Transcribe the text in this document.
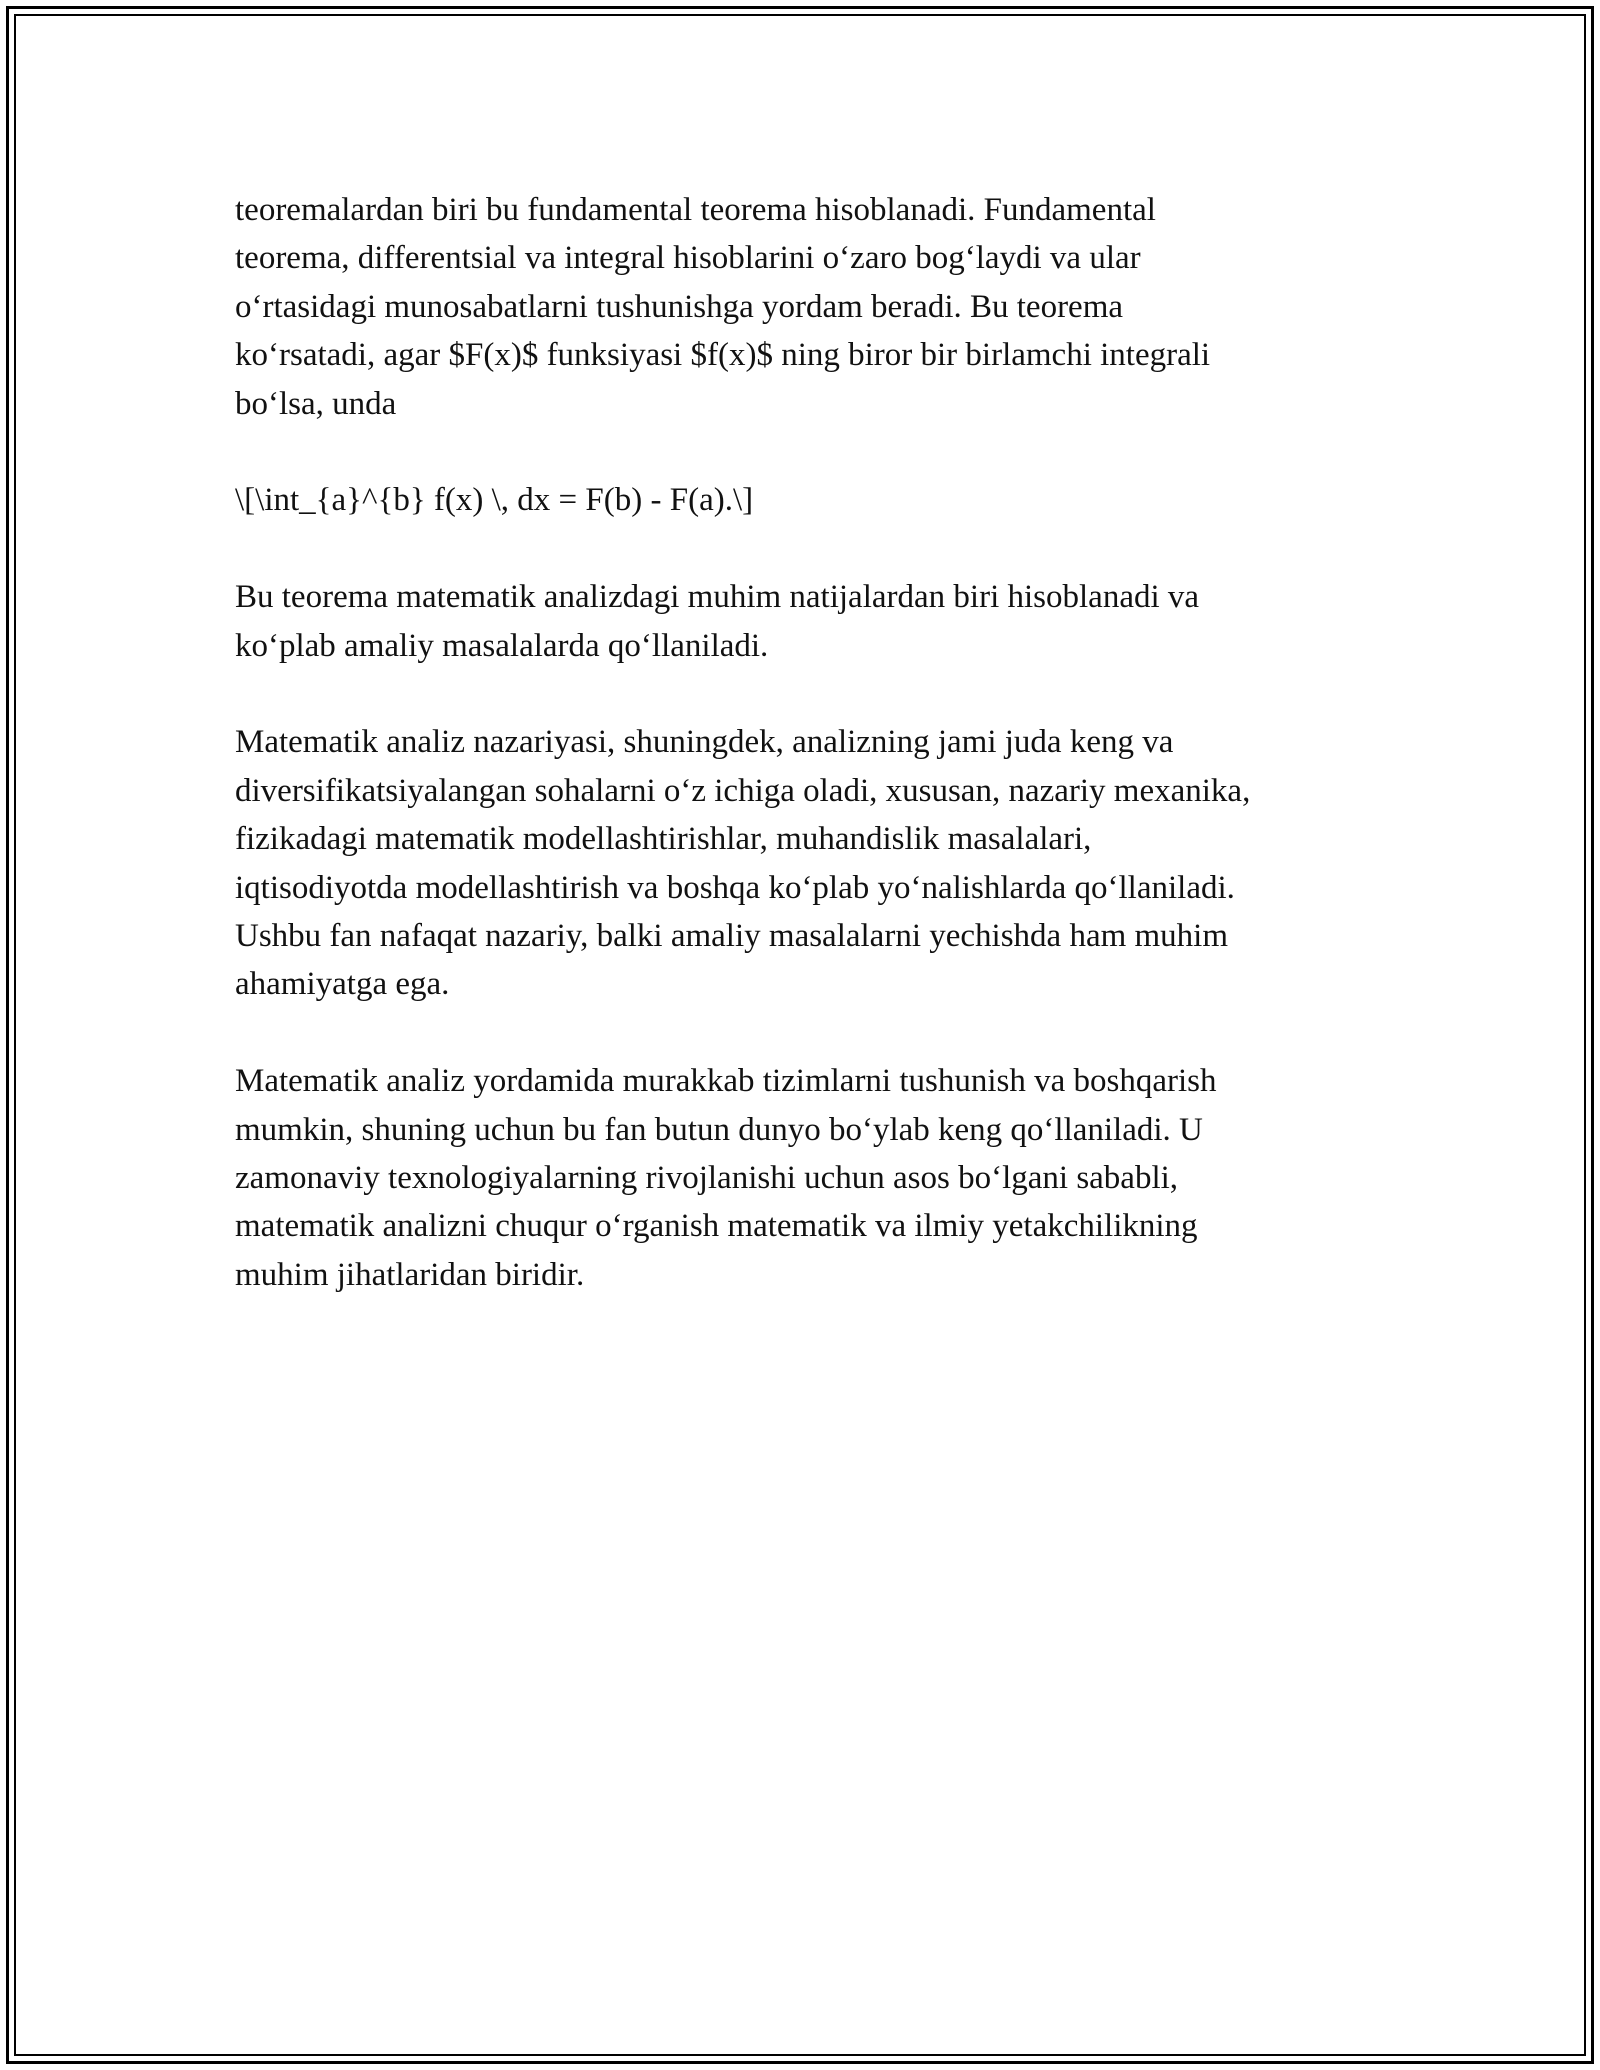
teoremalardan biri bu fundamental teorema hisoblanadi. Fundamental
teorema, differentsial va integral hisoblarini o‘zaro bog‘laydi va ular
o‘rtasidagi munosabatlarni tushunishga yordam beradi. Bu teorema
ko‘rsatadi, agar $F(x)$ funksiyasi $f(x)$ ning biror bir birlamchi integrali
bo‘lsa, unda

\[\int_{a}^{b} f(x) \, dx = F(b) - F(a).\]

Bu teorema matematik analizdagi muhim natijalardan biri hisoblanadi va
ko‘plab amaliy masalalarda qo‘llaniladi.

Matematik analiz nazariyasi, shuningdek, analizning jami juda keng va
diversifikatsiyalangan sohalarni o‘z ichiga oladi, xususan, nazariy mexanika,
fizikadagi matematik modellashtirishlar, muhandislik masalalari,
iqtisodiyotda modellashtirish va boshqa ko‘plab yo‘nalishlarda qo‘llaniladi.
Ushbu fan nafaqat nazariy, balki amaliy masalalarni yechishda ham muhim
ahamiyatga ega.

Matematik analiz yordamida murakkab tizimlarni tushunish va boshqarish
mumkin, shuning uchun bu fan butun dunyo bo‘ylab keng qo‘llaniladi. U
zamonaviy texnologiyalarning rivojlanishi uchun asos bo‘lgani sababli,
matematik analizni chuqur o‘rganish matematik va ilmiy yetakchilikning
muhim jihatlaridan biridir.
